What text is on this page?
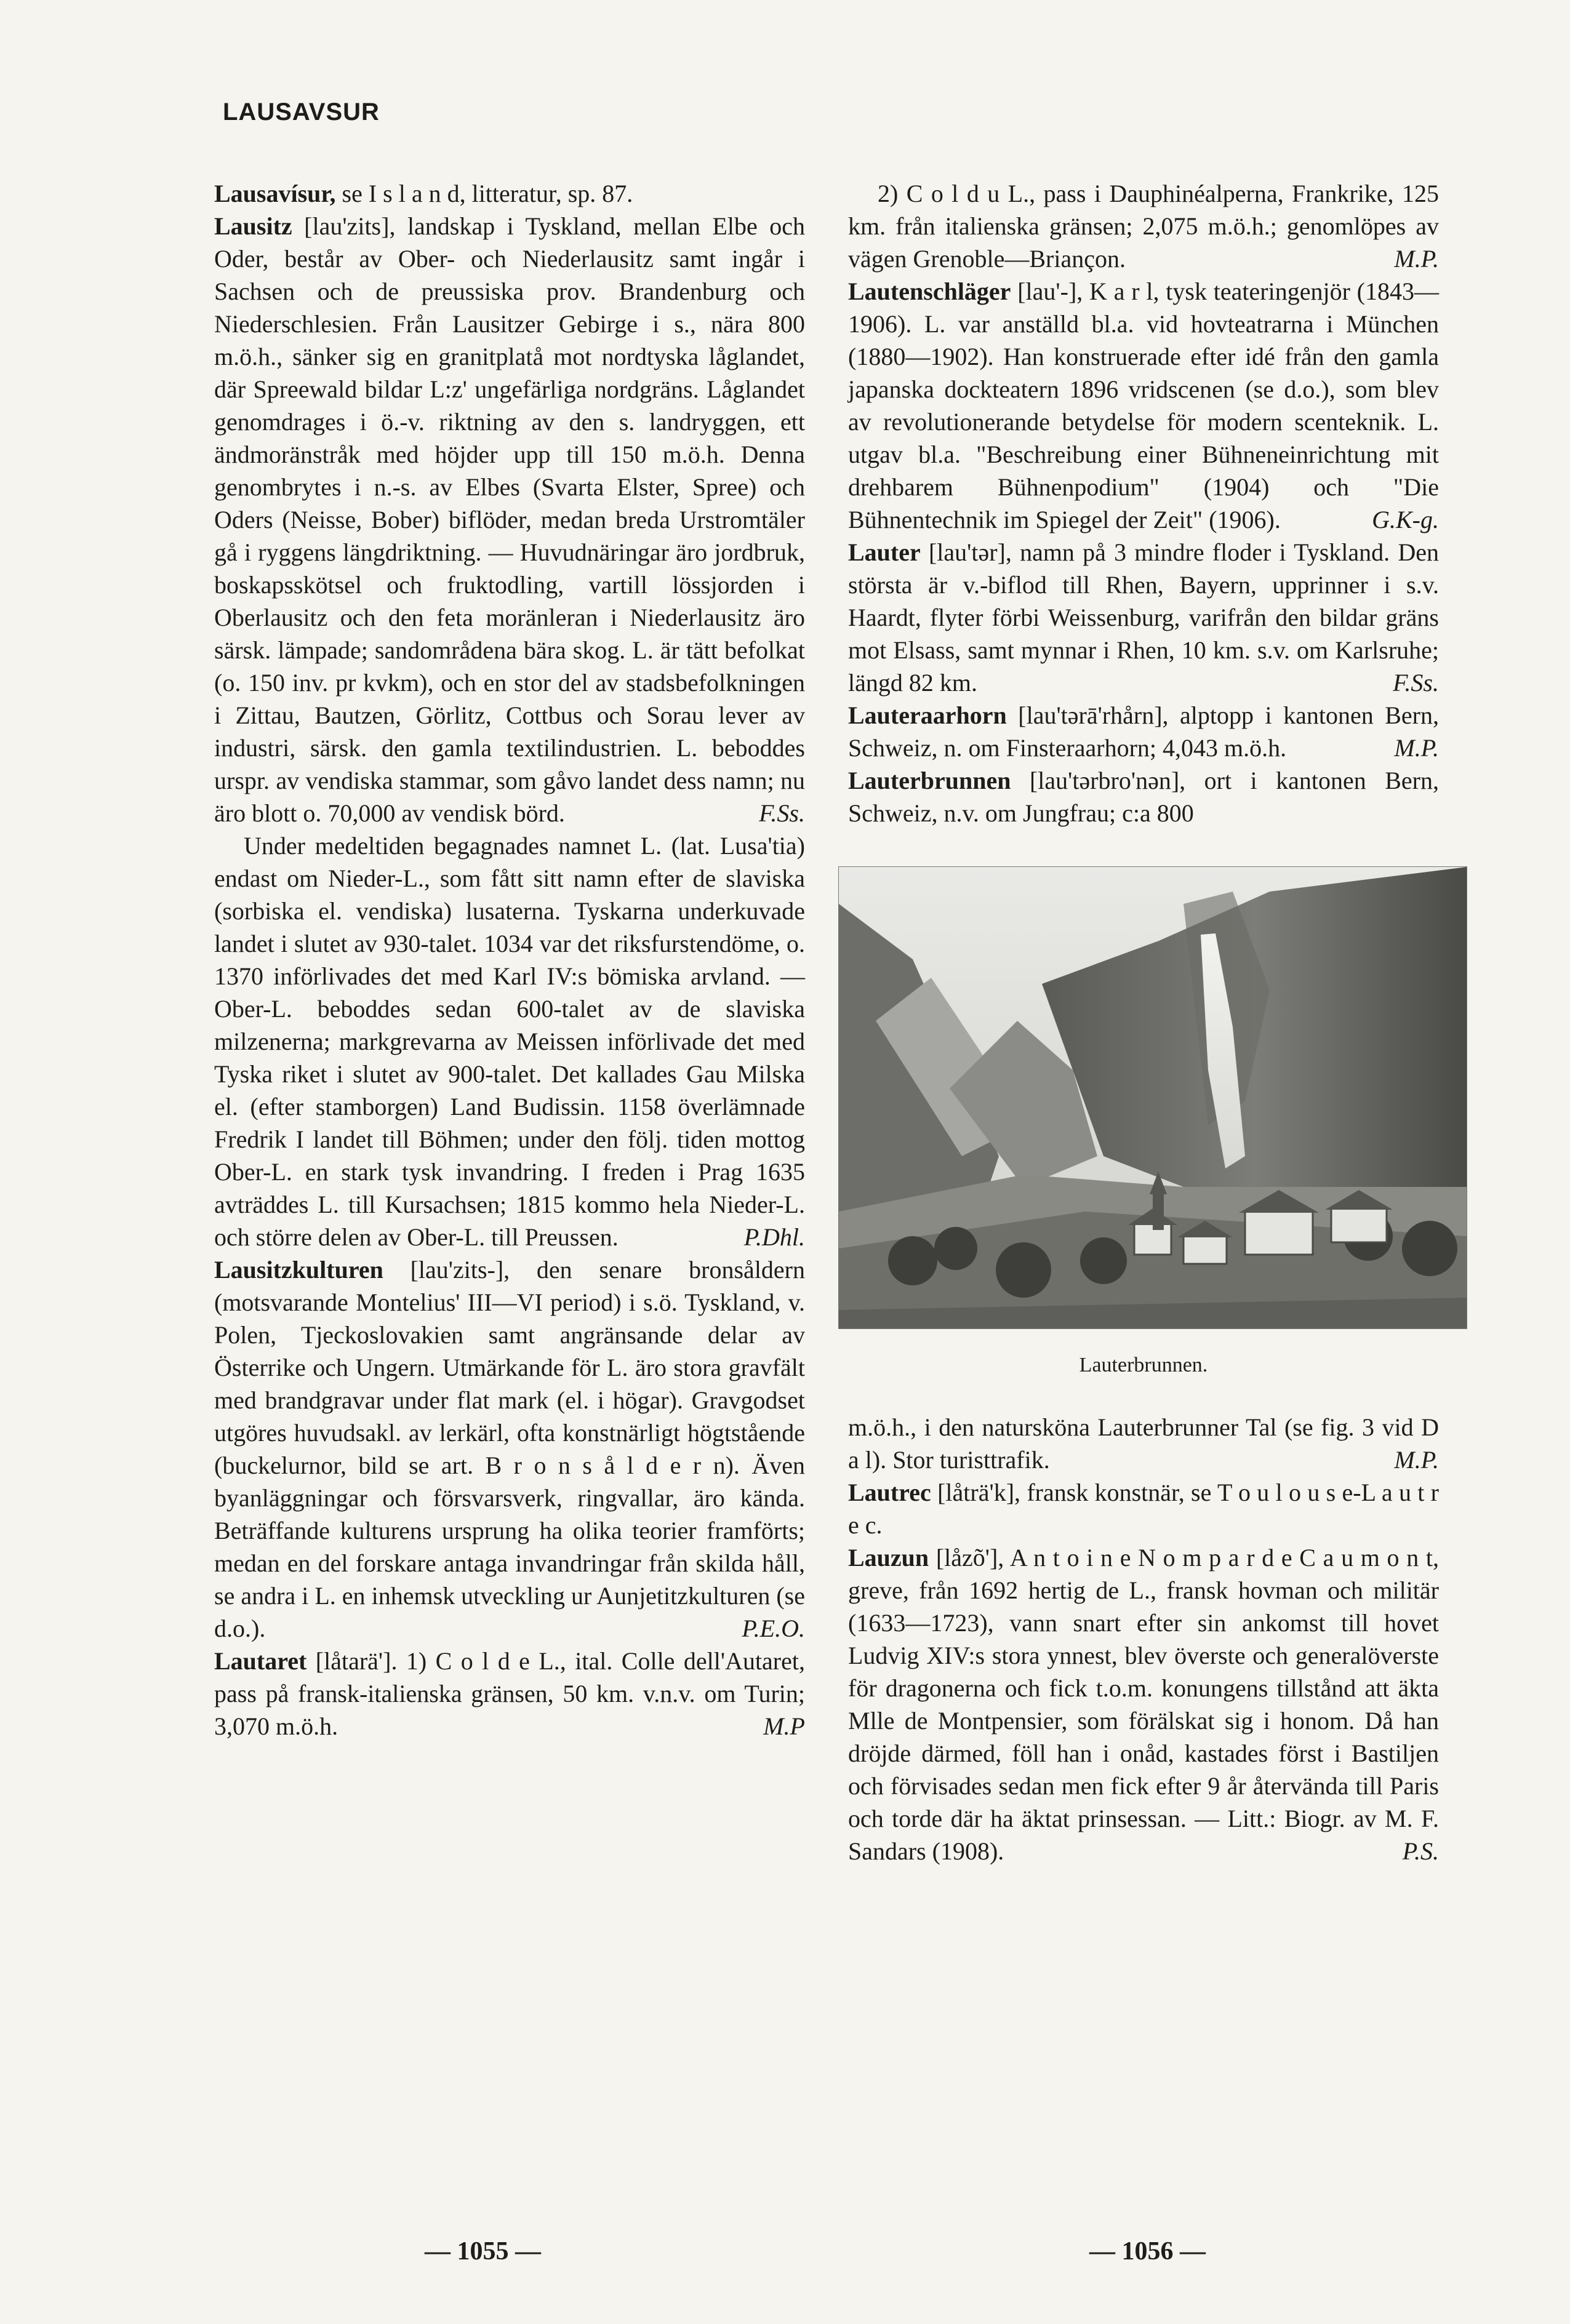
LAUSAVSUR

Lausavísur, se I s l a n d, litteratur, sp. 87.

Lausitz [lau'zits], landskap i Tyskland, mellan Elbe och Oder, består av Ober- och Niederlausitz samt ingår i Sachsen och de preussiska prov. Brandenburg och Niederschlesien. Från Lausitzer Gebirge i s., nära 800 m.ö.h., sänker sig en granitplatå mot nordtyska låglandet, där Spreewald bildar L:z' ungefärliga nordgräns. Låglandet genomdrages i ö.-v. riktning av den s. landryggen, ett ändmoränstråk med höjder upp till 150 m.ö.h. Denna genombrytes i n.-s. av Elbes (Svarta Elster, Spree) och Oders (Neisse, Bober) biflöder, medan breda Urstromtäler gå i ryggens längdriktning. — Huvudnäringar äro jordbruk, boskapsskötsel och fruktodling, vartill lössjorden i Oberlausitz och den feta moränleran i Niederlausitz äro särsk. lämpade; sandområdena bära skog. L. är tätt befolkat (o. 150 inv. pr kvkm), och en stor del av stadsbefolkningen i Zittau, Bautzen, Görlitz, Cottbus och Sorau lever av industri, särsk. den gamla textilindustrien. L. beboddes urspr. av vendiska stammar, som gåvo landet dess namn; nu äro blott o. 70,000 av vendisk börd.	F.Ss.

Under medeltiden begagnades namnet L. (lat. Lusa'tia) endast om Nieder-L., som fått sitt namn efter de slaviska (sorbiska el. vendiska) lusaterna. Tyskarna underkuvade landet i slutet av 930-talet. 1034 var det riksfurstendöme, o. 1370 införlivades det med Karl IV:s bömiska arvland. — Ober-L. beboddes sedan 600-talet av de slaviska milzenerna; markgrevarna av Meissen införlivade det med Tyska riket i slutet av 900-talet. Det kallades Gau Milska el. (efter stamborgen) Land Budissin. 1158 överlämnade Fredrik I landet till Böhmen; under den följ. tiden mottog Ober-L. en stark tysk invandring. I freden i Prag 1635 avträddes L. till Kursachsen; 1815 kommo hela Nieder-L. och större delen av Ober-L. till Preussen.	P.Dhl.

Lausitzkulturen [lau'zits-], den senare bronsåldern (motsvarande Montelius' III—VI period) i s.ö. Tyskland, v. Polen, Tjeckoslovakien samt angränsande delar av Österrike och Ungern. Utmärkande för L. äro stora gravfält med brandgravar under flat mark (el. i högar). Gravgodset utgöres huvudsakl. av lerkärl, ofta konstnärligt högtstående (buckelurnor, bild se art. B r o n s å l d e r n). Även byanläggningar och försvarsverk, ringvallar, äro kända. Beträffande kulturens ursprung ha olika teorier framförts; medan en del forskare antaga invandringar från skilda håll, se andra i L. en inhemsk utveckling ur Aunjetitzkulturen (se d.o.).	P.E.O.

Lautaret [låtarä']. 1) C o l d e L., ital. Colle dell'Autaret, pass på fransk-italienska gränsen, 50 km. v.n.v. om Turin; 3,070 m.ö.h.	M.P

2) C o l d u L., pass i Dauphinéalperna, Frankrike, 125 km. från italienska gränsen; 2,075 m.ö.h.; genomlöpes av vägen Grenoble—Briançon.	M.P.

Lautenschläger [lau'-], K a r l, tysk teateringenjör (1843—1906). L. var anställd bl.a. vid hovteatrarna i München (1880—1902). Han konstruerade efter idé från den gamla japanska dockteatern 1896 vridscenen (se d.o.), som blev av revolutionerande betydelse för modern scenteknik. L. utgav bl.a. "Beschreibung einer Bühneneinrichtung mit drehbarem Bühnenpodium" (1904) och "Die Bühnentechnik im Spiegel der Zeit" (1906).	G.K-g.

Lauter [lau'tər], namn på 3 mindre floder i Tyskland. Den största är v.-biflod till Rhen, Bayern, upprinner i s.v. Haardt, flyter förbi Weissenburg, varifrån den bildar gräns mot Elsass, samt mynnar i Rhen, 10 km. s.v. om Karlsruhe; längd 82 km.	F.Ss.

Lauteraarhorn [lau'tərā'rhårn], alptopp i kantonen Bern, Schweiz, n. om Finsteraarhorn; 4,043 m.ö.h.	M.P.

Lauterbrunnen [lau'tərbro'nən], ort i kantonen Bern, Schweiz, n.v. om Jungfrau; c:a 800

Lauterbrunnen.

m.ö.h., i den natursköna Lauterbrunner Tal (se fig. 3 vid D a l). Stor turisttrafik.	M.P.

Lautrec [låträ'k], fransk konstnär, se T o u l o u s e-L a u t r e c.

Lauzun [låzõ'], A n t o i n e N o m p a r d e C a u m o n t, greve, från 1692 hertig de L., fransk hovman och militär (1633—1723), vann snart efter sin ankomst till hovet Ludvig XIV:s stora ynnest, blev överste och generalöverste för dragonerna och fick t.o.m. konungens tillstånd att äkta Mlle de Montpensier, som förälskat sig i honom. Då han dröjde därmed, föll han i onåd, kastades först i Bastiljen och förvisades sedan men fick efter 9 år återvända till Paris och torde där ha äktat prinsessan. — Litt.: Biogr. av M. F. Sandars (1908).	P.S.

— 1055 —	— 1056 —
